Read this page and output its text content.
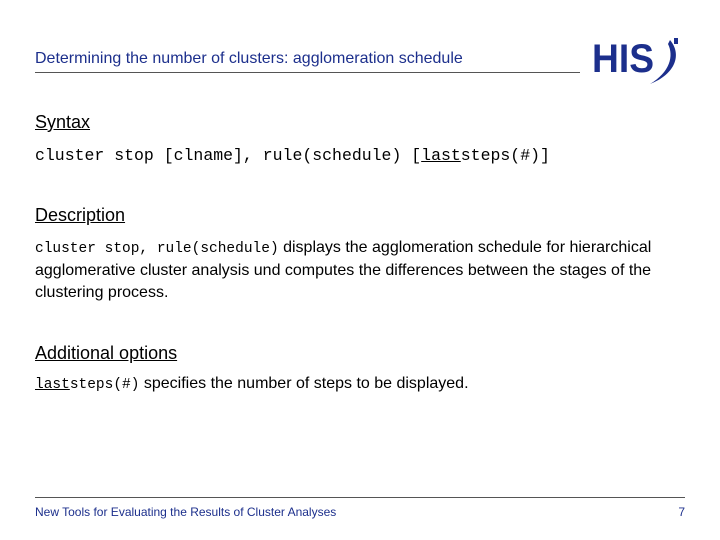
Determining the number of clusters: agglomeration schedule	HIS
Syntax
cluster stop [clname], rule(schedule) [laststeps(#)]
Description
cluster stop, rule(schedule) displays the agglomeration schedule for hierarchical agglomerative cluster analysis und computes the differences between the stages of the clustering process.
Additional options
laststeps(#) specifies the number of steps to be displayed.
New Tools for Evaluating the Results of Cluster Analyses	7
